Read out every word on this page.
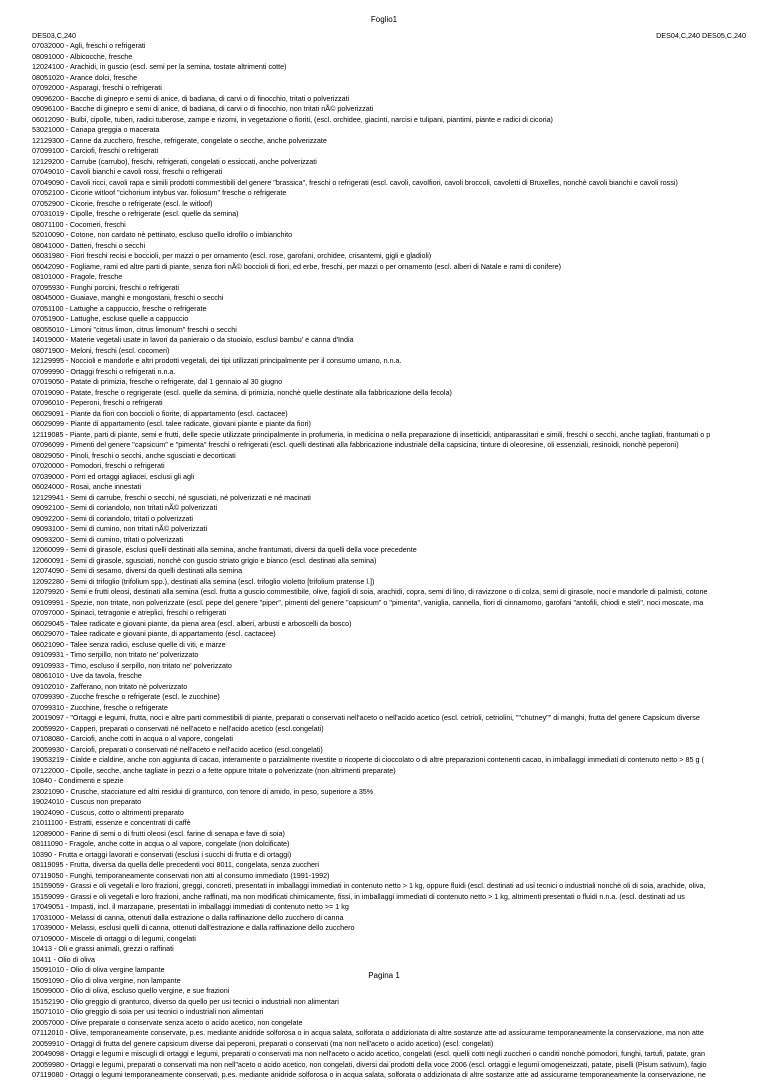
Foglio1
DES03,C,240	DES04,C,240 DES05,C,240
07032000 - Agli, freschi o refrigerati
08091000 - Albicocche, fresche
12024100 - Arachidi, in guscio (escl. semi per la semina, tostate altrimenti cotte)
08051020 - Arance dolci, fresche
07092000 - Asparagi, freschi o refrigerati
09096200 - Bacche di ginepro e semi di anice, di badiana, di carvi o di finocchio, tritati o polverizzati
09096100 - Bacche di ginepro e semi di anice, di badiana, di carvi o di finocchio, non tritati nÃ© polverizzati
06012090 - Bulbi, cipolle, tuberi, radici tuberose, zampe e rizomi, in vegetazione o fioriti, (escl. orchidee, giacinti, narcisi e tulipani, piantimi, piante e radici di cicoria)
53021000 - Canapa greggia o macerata
12129300 - Canne da zucchero, fresche, refrigerate, congelate o secche, anche polverizzate
07099100 - Carciofi, freschi o refrigerati
12129200 - Carrube (carrubo), freschi, refrigerati, congelati o essiccati, anche polverizzati
07049010 - Cavoli bianchi e cavoli rossi, freschi o refrigerati
07049090 - Cavoli ricci, cavoli rapa e simili prodotti commestibili del genere "brassica", freschi o refrigerati (escl. cavoli, cavolfiori, cavoli broccoli, cavoletti di Bruxelles, nonchè cavoli bianchi e cavoli rossi)
07052100 - Cicorie witloof "cichorium intybus var. foliosum" fresche o refrigerate
07052900 - Cicorie, fresche o refrigerate (escl. le witloof)
07031019 - Cipolle, fresche o refrigerate (escl. quelle da semina)
08071100 - Cocomeri, freschi
52010090 - Cotone, non cardato nè pettinato, escluso quello idrofilo o imbianchito
08041000 - Datteri, freschi o secchi
06031980 - Fiori freschi recisi e boccioli, per mazzi o per ornamento (escl. rose, garofani, orchidee, crisantemi, gigli e gladioli)
06042090 - Fogliame, rami ed altre parti di piante, senza fiori nÃ© boccioli di fiori, ed erbe, freschi, per mazzi o per ornamento (escl. alberi di Natale e rami di conifere)
08101000 - Fragole, fresche
07095930 - Funghi porcini, freschi o refrigerati
08045000 - Guaiave, manghi e mongostani, freschi o secchi
07051100 - Lattughe a cappuccio, fresche o refrigerate
07051900 - Lattughe, escluse quelle a cappuccio
08055010 - Limoni "citrus limon, citrus limonum" freschi o secchi
14019000 - Materie vegetali usate in lavori da panieraio o da stuoiaio, esclusi bambu' e canna d'India
08071900 - Meloni, freschi (escl. cocomeri)
12129995 - Noccioli e mandorle e altri prodotti vegetali, dei tipi utilizzati principalmente per il consumo umano, n.n.a.
07099990 - Ortaggi freschi o refrigerati n.n.a.
07019050 - Patate di primizia, fresche o refrigerate, dal 1 gennaio al 30 giugno
07019090 - Patate, fresche o regrigerate (escl. quelle da semina, di primizia, nonchè quelle destinate alla fabbricazione della fecola)
07096010 - Peperoni, freschi o refrigerati
06029091 - Piante da fiori con boccioli o fiorite, di appartamento (escl. cactacee)
06029099 - Piante di appartamento (escl. talee radicate, giovani piante e piante da fiori)
12119085 - Piante, parti di piante, semi e frutti, delle specie utilizzate principalmente in profumeria, in medicina o nella preparazione di insetticidi, antiparassitari e simili, freschi o secchi, anche tagliati, frantumati o p
07096099 - Pimenti del genere "capsicum" e "pimenta" freschi o refrigerati (escl. quelli destinati alla fabbricazione industriale della capsicina, tinture di oleoresine, oli essenziali, resinoidi, nonchè peperoni)
08029050 - Pinoli, freschi o secchi, anche sgusciati e decorticati
07020000 - Pomodori, freschi o refrigerati
07039000 - Porri ed ortaggi agliacei, esclusi gli agli
06024000 - Rosai, anche innestati
12129941 - Semi di carrube, freschi o secchi, né sgusciati, né polverizzati e né macinati
09092100 - Semi di coriandolo, non tritati nÃ© polverizzati
09092200 - Semi di coriandolo, tritati o polverizzati
09093100 - Semi di cumino, non tritati nÃ© polverizzati
09093200 - Semi di cumino, tritati o polverizzati
12060099 - Semi di girasole, esclusi quelli destinati alla semina, anche frantumati, diversi da quelli della voce precedente
12060091 - Semi di girasole, sgusciati, nonchè con guscio striato grigio e bianco (escl. destinati alla semina)
12074090 - Semi di sesamo, diversi da quelli destinati alla semina
12092280 - Semi di trifoglio (trifolium spp.), destinati alla semina (escl. trifoglio violetto [trifolium pratense l.])
12079920 - Semi e frutti oleosi, destinati alla semina (escl. frutta a guscio commestibile, olive, fagioli di soia, arachidi, copra, semi di lino, di ravizzone o di colza, semi di girasole, noci e mandorle di palmisti, cotone
09109991 - Spezie, non tritate, non polverizzate (escl. pepe del genere "piper", pimenti del genere "capsicum" o "pimenta", vaniglia, cannella, fiori di cinnamomo, garofani "antofili, chiodi e steli", noci moscate, ma
07097000 - Spinaci, tetragonie e atreplici, freschi o refrigerati
06029045 - Talee radicate e giovani piante, da piena area (escl. alberi, arbusti e arboscelli da bosco)
06029070 - Talee radicate e giovani piante, di appartamento (escl. cactacee)
06021090 - Talee senza radici, escluse quelle di viti, e marze
09109931 - Timo serpillo, non tritato ne' polverizzato
09109933 - Timo, escluso il serpillo, non tritato ne' polverizzato
08061010 - Uve da tavola, fresche
09102010 - Zafferano, non tritato nè polverizzato
07099390 - Zucche fresche o refrigerate (escl. le zucchine)
07099310 - Zucchine, fresche o refrigerate
20019097 - "Ortaggi e legumi, frutta, noci e altre parti commestibili di piante, preparati o conservati nell'aceto o nell'acido acetico (escl. cetrioli, cetriolini, ""chutney"" di manghi, frutta del genere Capsicum diverse
20059920 - Capperi, preparati o conservati né nell'aceto e nell'acido acetico (escl.congelati)
07108080 - Carciofi, anche cotti in acqua o al vapore, congelati
20059930 - Carciofi, preparati o conservati né nell'aceto e nell'acido acetico (escl.congelati)
19053219 - Cialde e cialdine, anche con aggiunta di cacao, interamente o parzialmente rivestite o ricoperte di cioccolato o di altre preparazioni contenenti cacao, in imballaggi immediati di contenuto netto > 85 g (
07122000 - Cipolle, secche, anche tagliate in pezzi o a fette oppure tritate o polverizzate (non altrimenti preparate)
10840 - Condimenti e spezie
23021090 - Crusche, stacciature ed altri residui di granturco, con tenore di amido, in peso, superiore a 35%
19024010 - Cuscus non preparato
19024090 - Cuscus, cotto o altrimenti preparato
21011100 - Estratti, essenze e concentrati di caffè
12089000 - Farine di semi o di frutti oleosi (escl. farine di senapa e fave di soia)
08111090 - Fragole, anche cotte in acqua o al vapore, congelate (non dolcificate)
10390 - Frutta e ortaggi lavorati e conservati (esclusi i succhi di frutta e di ortaggi)
08119095 - Frutta, diversa da quella delle precedenti voci 8011, congelata, senza zuccheri
07119050 - Funghi, temporaneamente conservati non atti al consumo immediato (1991-1992)
15159059 - Grassi e oli vegetali e loro frazioni, greggi, concreti, presentati in imballaggi immediati in contenuto netto > 1 kg, oppure fluidi (escl. destinati ad usi tecnici o industriali nonchè oli di soia, arachide, oliva,
15159099 - Grassi e oli vegetali e loro frazioni, anche raffinati, ma non modificati chimicamente, fissi, in imballaggi immediati di contenuto netto > 1 kg, altrimenti presentati o fluidi n.n.a. (escl. destinati ad us
17049051 - Impasti, incl. il marzapane, presentati in imballaggi immediati di contenuto netto >= 1 kg
17031000 - Melassi di canna, ottenuti dalla estrazione o dalla raffinazione dello zucchero di canna
17039000 - Melassi, esclusi quelli di canna, ottenuti dall'estrazione e dalla raffinazione dello zucchero
07109000 - Miscele di ortaggi o di legumi, congelati
10413 - Oli e grassi animali, grezzi o raffinati
10411 - Olio di oliva
15091010 - Olio di oliva vergine lampante
15091090 - Olio di oliva vergine, non lampante
15099000 - Olio di oliva, escluso quello vergine, e sue frazioni
15152190 - Olio greggio di granturco, diverso da quello per usi tecnici o industriali non alimentari
15071010 - Olio greggio di soia per usi tecnici o industriali non alimentari
20057000 - Olive preparate o conservate senza aceto o acido acetico, non congelate
07112010 - Olive, temporaneamente conservate, p.es. mediante anidride solforosa o in acqua salata, solforata o addizionata di altre sostanze atte ad assicurarne temporaneamente la conservazione, ma non atte
20059910 - Ortaggi di frutta del genere capsicum diverse dai peperoni, preparati o conservati (ma non nell'aceto o acido acetico) (escl. congelati)
20049098 - Ortaggi e legumi e miscugli di ortaggi e legumi, preparati o conservati ma non nell'aceto o acido acetico, congelati (escl. quelli cotti negli zuccheri o canditi nonchè pomodori, funghi, tartufi, patate, gran
20059980 - Ortaggi e legumi, preparati o conservati ma non nell"aceto o acido acetico, non congelati, diversi dai prodotti della voce 2006 (escl. ortaggi e legumi omogeneizzati, patate, piselli (Pisum sativum), fagio
07119080 - Ortaggi o legumi temporaneamente conservati, p.es. mediante anidride solforosa o in acqua salata, solforata o addizionata di altre sostanze atte ad assicurarne temporaneamente la conservazione, ne
Pagina 1
